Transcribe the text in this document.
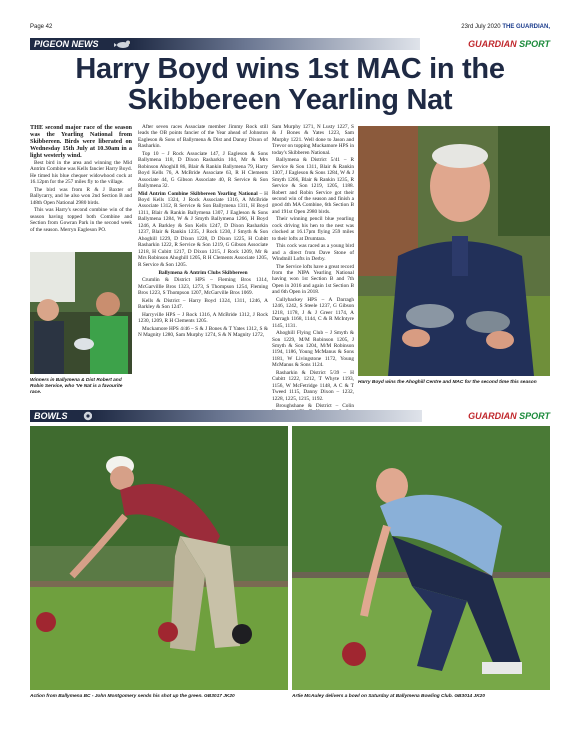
Page 42	23rd July 2020 THE GUARDIAN,
PIGEON NEWS	GUARDIAN SPORT
Harry Boyd wins 1st MAC in the
Skibbereen Yearling Nat

THE second major race of the season was the Yearling National from Skibbereen. Birds were liberated on Wednesday 15th July at 10.30am in a light westerly wind.

Best bird in the area and winning the Mid Antrim Combine was Kells fancier Harry Boyd. He timed his blue chequer widowhood cock at 16.12pm for the 257 miles fly to the village.

The bird was from R & J Baxter of Ballycarry, and he also won 2nd Section B and 148th Open National 2980 birds.

This was Harry's second combine win of the season having topped both Combine and Section from Gowran Park in the second week of the season. Merryn Eagleson PO.

Winners in Ballymena & Dist Robert and Robin Service, who 'Ve Nat is a favourite race.

After seven races Associate member Jimmy Rock still leads the OB points fancier of the Year ahead of Johnston Eagleson & Sons of Ballymena & Dist and Danny Dixon of Rasharkin.

Top 10 – J Rock Associate 147, J Eagleson & Sons Ballymena 118, D Dixon Rasharkin 104, Mr & Mrs Robinson Ahoghill 86, Blair & Rankin Ballymena 79, Harry Boyd Kells 76, A McBride Associate 63, R H Clements Associate 44, G Gibson Associate 40, R Service & Son Ballymena 32.

Mid Antrim Combine Skibbereen Yearling National – H Boyd Kells 1324, J Rock Associate 1316, A McBride Associate 1312, R Service & Son Ballymena 1311, H Boyd 1311, Blair & Rankin Ballymena 1307, J Eagleson & Sons Ballymena 1284, W & J Smyth Ballymena 1266, H Boyd 1246, A Barkley & Son Kells 1247, D Dixon Rasharkin 1237, Blair & Rankin 1235, J Rock 1230, J Smyth & Son Ahoghill 1229, D Dixon 1228, D Dixon 1225, H Cubitt Rasharkin 1222, R Service & Son 1219, G Gibson Associate 1218, H Cubitt 1217, D Dixon 1215, J Rock 1209, Mr & Mrs Robinson Ahoghill 1205, R H Clements Associate 1205, R Service & Son 1205.

Ballymena & Antrim Clubs Skibbereen

Crumlin & District HPS – Fleming Bros 1314, McGarvillle Bros 1323, 1273, S Thompson 1254, Fleming Bros 1223, S Thompson 1207, McGarville Bros 1069.

Kells & District – Harry Boyd 1324, 1311, 1246, A Barkley & Son 1247.

Harryville HPS – J Rock 1316, A McBride 1312, J Rock 1230, 1209, R H Clements 1205.

Muckamore HPS 4/46 – S & J Bones & T Yates 1312, S & N Magnity 1280, Sam Murphy 1274, S & N Magnity 1272,

Sam Murphy 1271, N Lusty 1227, S & J Bones & Yates 1223, Sam Murphy 1221. Well done to Jason and Trevor on topping Muckamore HPS in today's Skibberen National.

Ballymena & District 5/41 – R Service & Son 1311, Blair & Rankin 1307, J Eagleson & Sons 1284, W & J Smyth 1266, Blair & Rankin 1235, R Service & Son 1219, 1205, 1188. Robert and Robin Service got their second win of the season and finish a good 4th MA Combine, 6th Section B and 191st Open 2980 birds.

Their winning pencil blue yearling cock driving his hen to the nest was clocked at 16.17pm flying 259 miles to their lofts at Drumtara.

This cock was raced as a young bird and a direct from Dave Stone of Windmill Lofts in Derby.

The Service lofts have a great record from the NIPA Yearling National having won 1st Section B and 7th Open in 2016 and again 1st Section B and 6th Open in 2018.

Cullybackey HPS – A Darragh 1246, 1242, S Steele 1237, G Gibson 1218, 1178, J & J Greer 1174, A Darragh 1168, 1144, C & R McIntyre 1145, 1131.

Ahoghill Flying Club – J Smyth & Son 1229, M/M Robinson 1205, J Smyth & Son 1204, M/M Robinson 1194, 1186, Young McManus & Sons 1181, W Livingstone 1172, Young McManus & Sons 1124.

Rasharkin & District 5/39 – H Cubitt 1222, 1212, T Whyte 1193, 1156, W McFetridge 1148, A C & T Tweed 1115, Danny Dixon – 1232, 1228, 1225, 1215, 1192.

Broughshane & District – Colin

Harry Boyd wins the Ahoghill Centre and MAC for the second time this season
BOWLS	GUARDIAN SPORT
Action from Ballymena BC - John Montgomery sends his shot up the green. GB3017 JK20	Artie McAuley delivers a bowl on Saturday at Ballymena Bowling Club. GB3014 JK20
